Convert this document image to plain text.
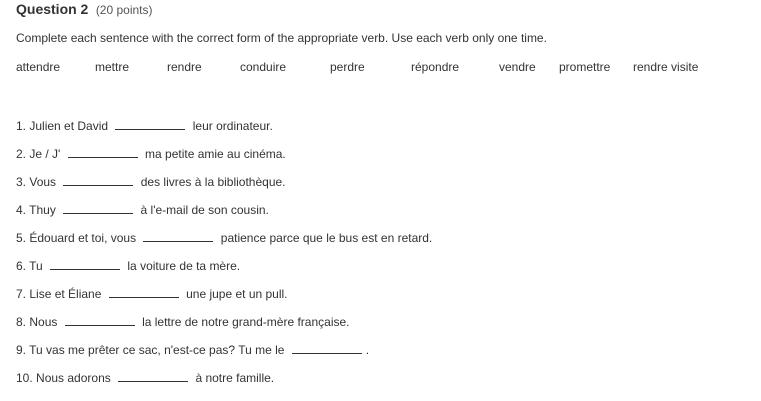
Question 2 (20 points)
Complete each sentence with the correct form of the appropriate verb. Use each verb only one time.
attendre	mettre	rendre	conduire	perdre	répondre	vendre promettre rendre visite
1. Julien et David	leur ordinateur.
2. Je / J'	ma petite amie au cinéma.
3. Vous	des livres à la bibliothèque.
4. Thuy	à l'e-mail de son cousin.
5. Édouard et toi, vous	patience parce que le bus est en retard.
6. Tu	la voiture de ta mère.
7. Lise et Éliane	une jupe et un pull.
8. Nous	la lettre de notre grand-mère française.
9. Tu vas me prêter ce sac, n'est-ce pas? Tu me le	.
10. Nous adorons	à notre famille.
